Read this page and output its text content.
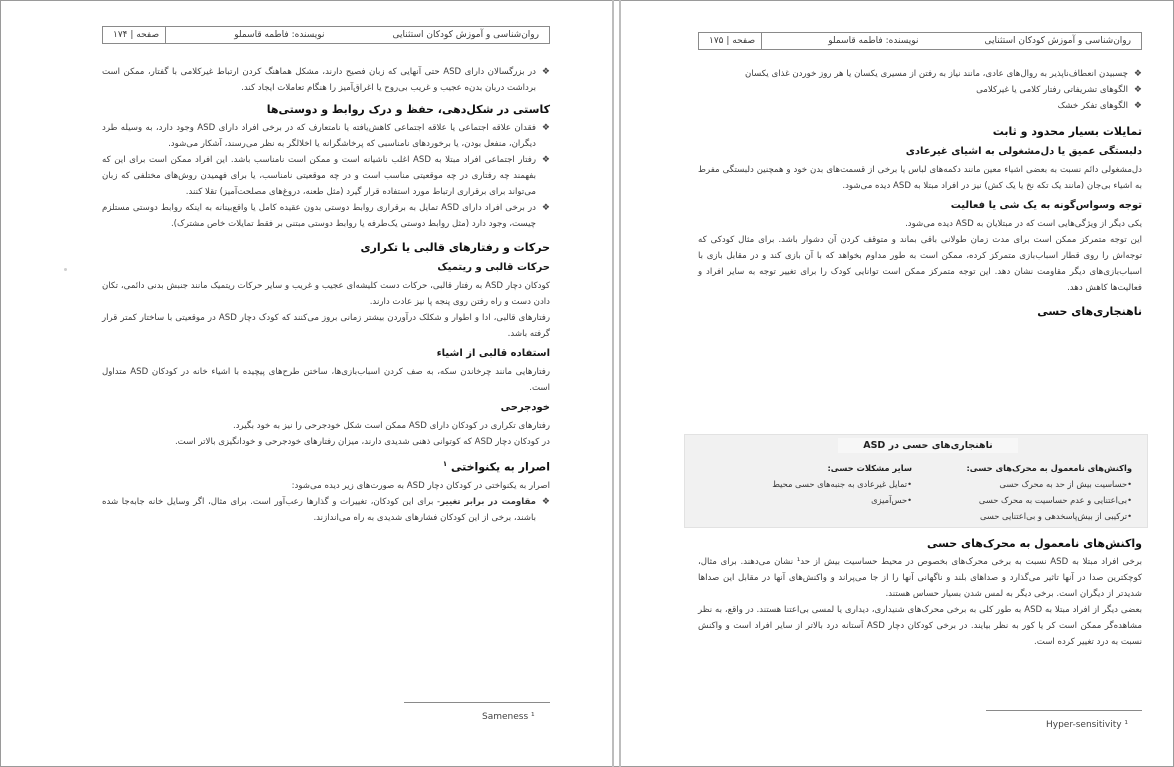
روان‌شناسی و آموزش کودکان استثنایی
نویسنده: فاطمه قاسملو
صفحه | ۱۷۴

❖ در بزرگسالان دارای ASD حتی آنهایی که زبان فصیح دارند، مشکل هماهنگ کردن ارتباط غیرکلامی با گفتار، ممکن است برداشت دربان بدن‌ه عجیب و غریب بی‌روح یا اغراق‌آمیز را هنگام تعاملات ایجاد کند.

کاستی در شکل‌دهی، حفظ و درک روابط و دوستی‌ها

❖ فقدان علاقه اجتماعی یا علاقه اجتماعی کاهش‌یافته یا نامتعارف که در برخی افراد دارای ASD وجود دارد، به وسیله طرد دیگران، منفعل بودن، یا برخوردهای نامناسبی که پرخاشگرانه یا اخلالگر به نظر می‌رسند، آشکار می‌شود.

❖ رفتار اجتماعی افراد مبتلا به ASD اغلب ناشیانه است و ممکن است نامناسب باشد. این افراد ممکن است برای این که بفهمند چه رفتاری در چه موقعیتی مناسب است و در چه موقعیتی نامناسب، یا برای فهمیدن روش‌های مختلفی که زبان می‌تواند برای برقراری ارتباط مورد استفاده قرار گیرد (مثل طعنه، دروغ‌های مصلحت‌آمیز) تقلا کنند.

❖ در برخی افراد دارای ASD تمایل به برقراری روابط دوستی بدون عقیده کامل یا واقع‌بینانه به اینکه روابط دوستی مستلزم چیست، وجود دارد (مثل روابط دوستی یک‌طرفه یا روابط دوستی مبتنی بر فقط تمایلات خاص مشترک).

حرکات و رفتارهای قالبی یا تکراری
حرکات قالبی و ریتمیک

کودکان دچار ASD به رفتار قالبی، حرکات دست کلیشه‌ای عجیب و غریب و سایر حرکات ریتمیک مانند جنبش بدنی دائمی، تکان دادن دست و راه رفتن روی پنجه پا نیز عادت دارند.

رفتارهای قالبی، ادا و اطوار و شکلک درآوردن بیشتر زمانی بروز می‌کنند که کودک دچار ASD در موقعیتی با ساختار کمتر قرار گرفته باشد.

استفاده قالبی از اشیاء

رفتارهایی مانند چرخاندن سکه، به صف کردن اسباب‌بازی‌ها، ساختن طرح‌های پیچیده با اشیاء خانه در کودکان ASD متداول است.

خودجرحی

رفتارهای تکراری در کودکان دارای ASD ممکن است شکل خودجرحی را نیز به خود بگیرد.

در کودکان دچار ASD که کوتوانی ذهنی شدیدی دارند، میزان رفتارهای خودجرحی و خودانگیزی بالاتر است.

اصرار به یکنواختی $^۱$

اصرار به یکنواختی در کودکان دچار ASD به صورت‌های زیر دیده می‌شود:

❖ مقاومت در برابر تغییر- برای این کودکان، تغییرات و گذارها رعب‌آور است. برای مثال، اگر وسایل خانه جابه‌جا شده باشند، برخی از این کودکان فشارهای شدیدی به راه می‌اندازند.

Sameness ¹
روان‌شناسی و آموزش کودکان استثنایی
نویسنده: فاطمه قاسملو
صفحه | ۱۷۵

❖ چسبیدن انعطاف‌ناپذیر به روال‌های عادی، مانند نیاز به رفتن از مسیری یکسان یا هر روز خوردن غذای یکسان

❖ الگوهای تشریفاتی رفتار کلامی یا غیرکلامی

❖ الگوهای تفکر خشک

تمایلات بسیار محدود و ثابت
دلبستگی عمیق یا دل‌مشغولی به اشیای غیرعادی

دل‌مشغولی دائم نسبت به بعضی اشیاء معین مانند دکمه‌های لباس یا برخی از قسمت‌های بدن خود و همچنین دلبستگی مفرط به اشیاء بی‌جان (مانند یک تکه نخ یا یک کش) نیز در افراد مبتلا به ASD دیده می‌شود.

توجه وسواس‌گونه به یک شی یا فعالیت

یکی دیگر از ویژگی‌هایی است که در مبتلایان به ASD دیده می‌شود.

این توجه متمرکز ممکن است برای مدت زمان طولانی باقی بماند و متوقف کردن آن دشوار باشد. برای مثال کودکی که توجه‌اش را روی قطار اسباب‌بازی متمرکز کرده، ممکن است به طور مداوم بخواهد که با آن بازی کند و در مقابل بازی با اسباب‌بازی‌های دیگر مقاومت نشان دهد. این توجه متمرکز ممکن است توانایی کودک را برای تغییر توجه به سایر افراد و فعالیت‌ها کاهش دهد.

ناهنجاری‌های حسی
ناهنجاری‌های حسی در ASD
واکنش‌های نامعمول به محرک‌های حسی:
•حساسیت بیش از حد به محرک حسی
•بی‌اعتنایی و عدم حساسیت به محرک حسی
•ترکیبی از بیش‌پاسخدهی و بی‌اعتنایی حسی
سایر مشکلات حسی:
•تمایل غیرعادی به جنبه‌های حسی محیط
•حس‌آمیزی
واکنش‌های نامعمول به محرک‌های حسی

برخی افراد مبتلا به ASD نسبت به برخی محرک‌های بخصوص در محیط حساسیت بیش از حد¹ نشان می‌دهند. برای مثال، کوچکترین صدا در آنها تاثیر می‌گذارد و صداهای بلند و ناگهانی آنها را از جا می‌پراند و واکنش‌های آنها در مقابل این صداها شدیدتر از دیگران است. برخی دیگر به لمس شدن بسیار حساس هستند.

بعضی دیگر از افراد مبتلا به ASD به طور کلی به برخی محرک‌های شنیداری، دیداری یا لمسی بی‌اعتنا هستند. در واقع، به نظر مشاهده‌گر ممکن است کر یا کور به نظر بیایند. در برخی کودکان دچار ASD آستانه درد بالاتر از سایر افراد است و واکنش نسبت به درد تغییر کرده است.

Hyper-sensitivity ¹
